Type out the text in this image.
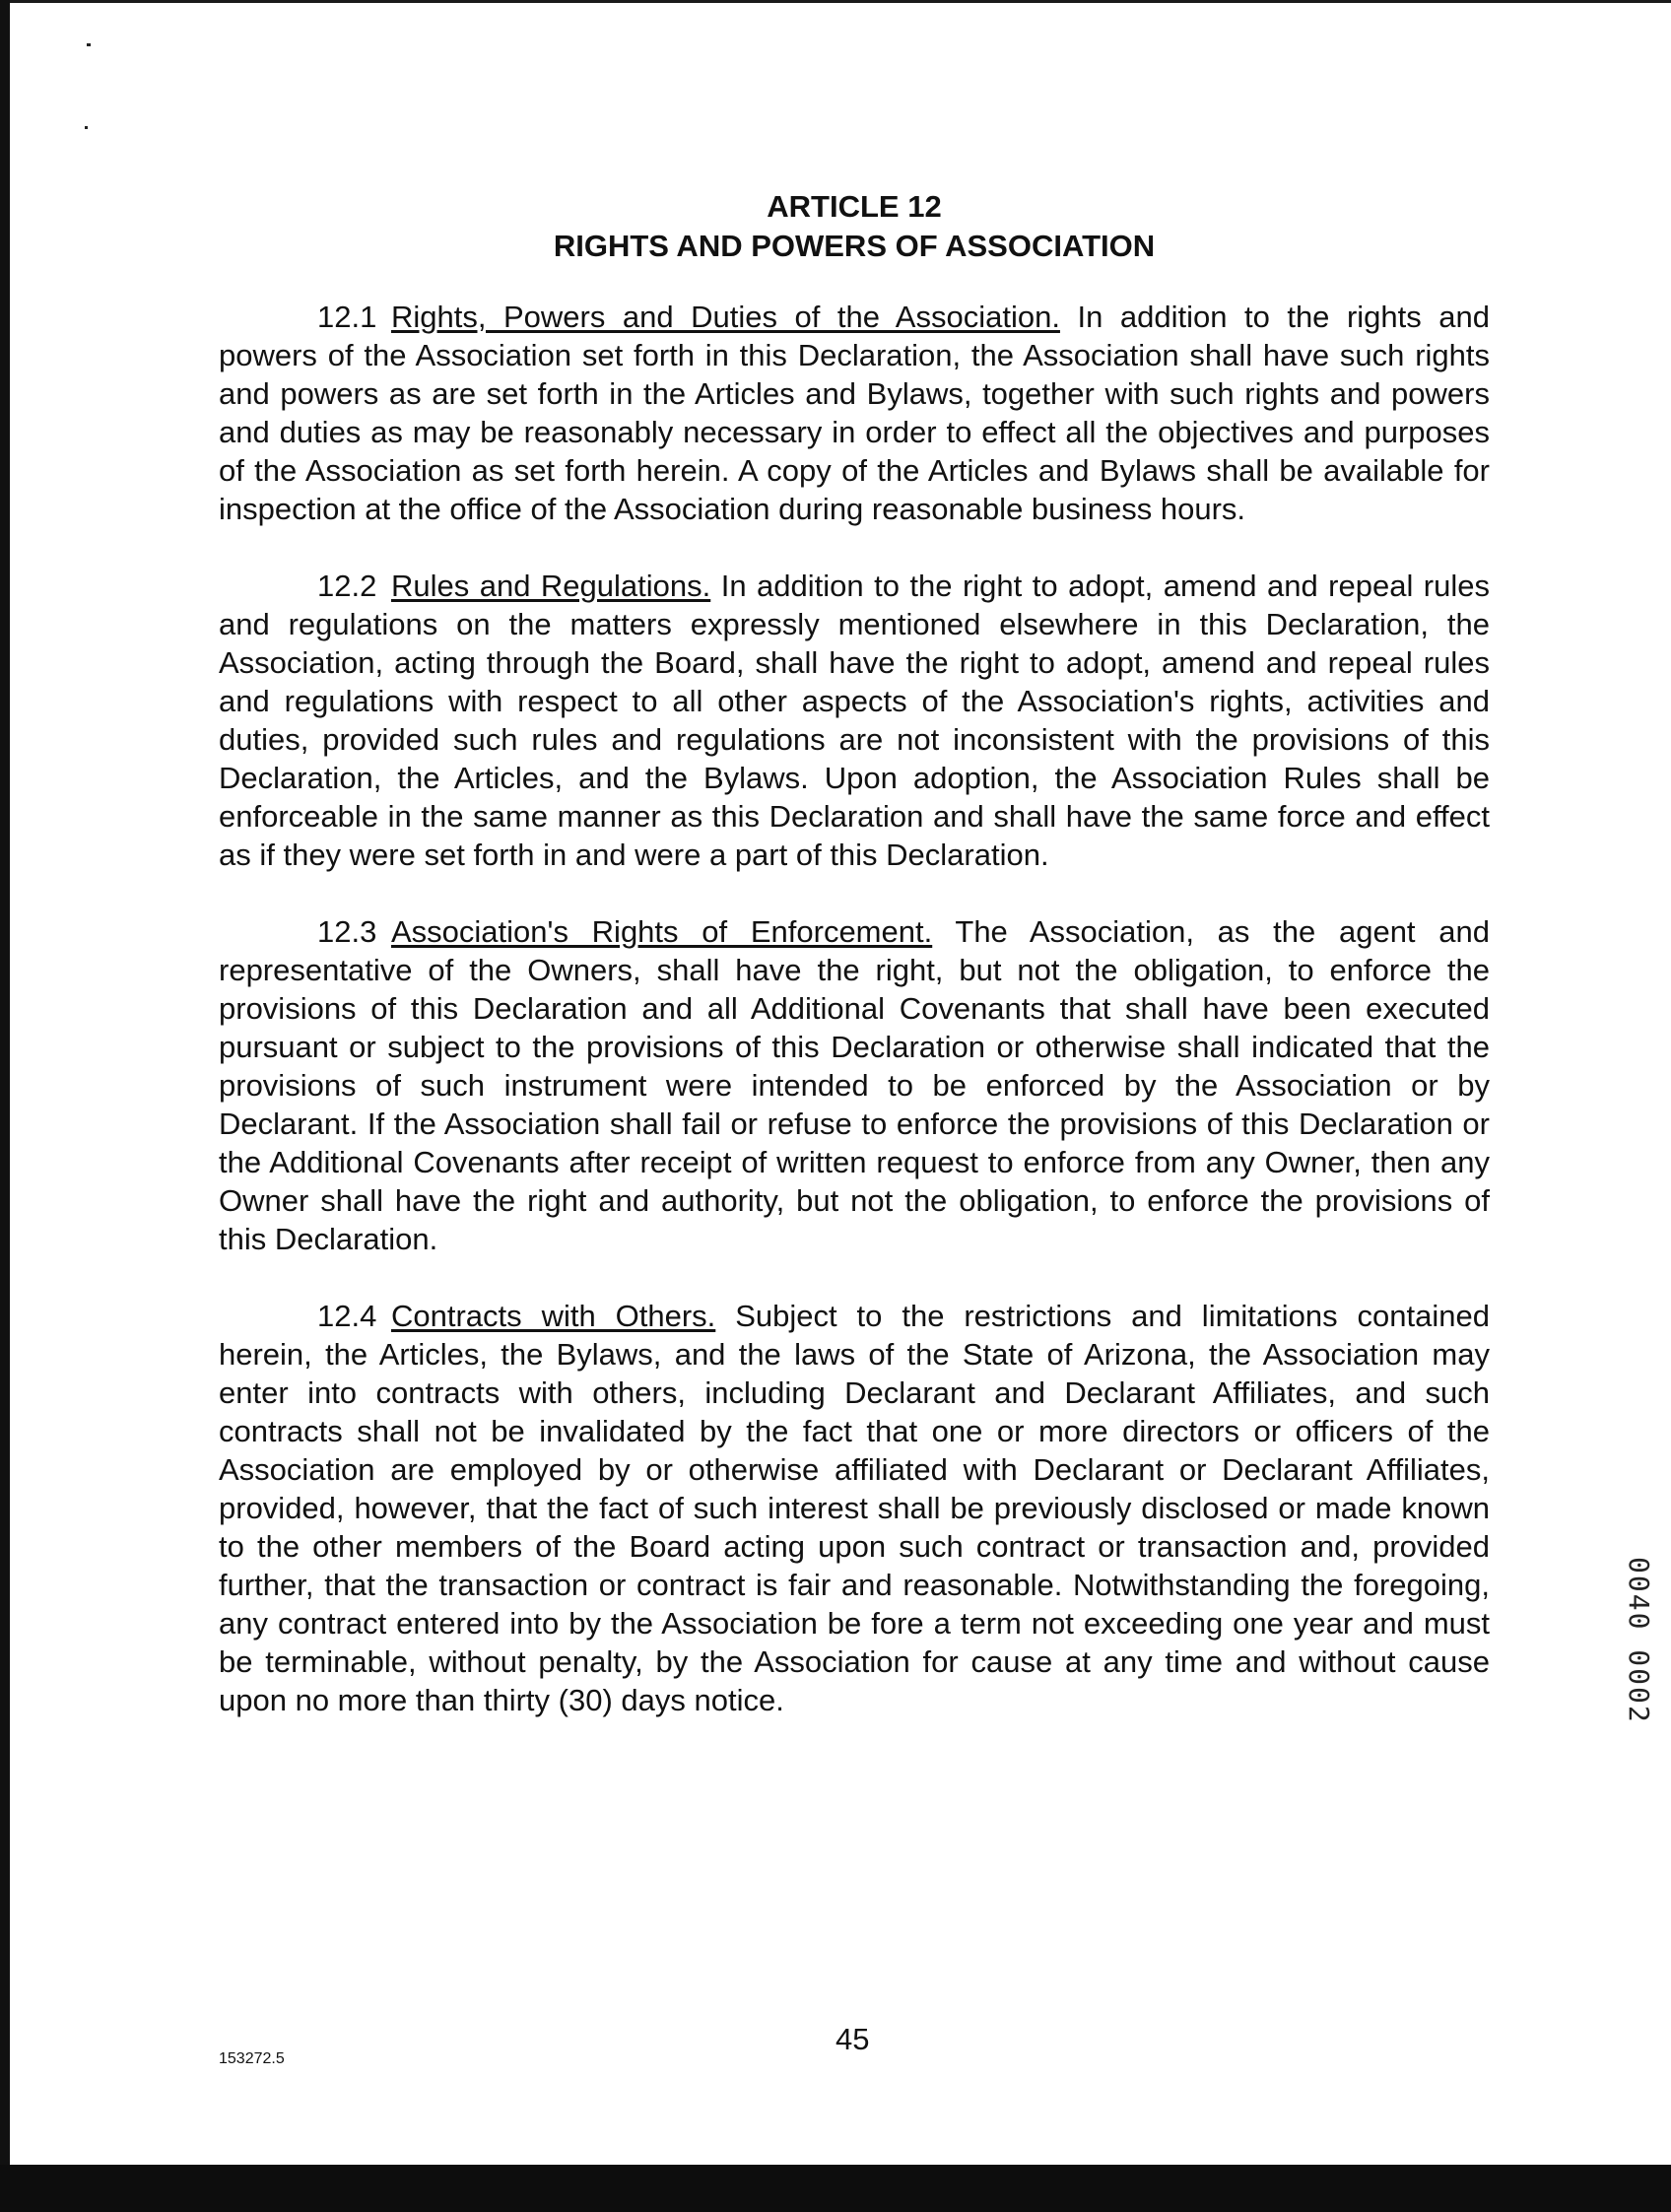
ARTICLE 12
RIGHTS AND POWERS OF ASSOCIATION

12.1 Rights, Powers and Duties of the Association. In addition to the rights and powers of the Association set forth in this Declaration, the Association shall have such rights and powers as are set forth in the Articles and Bylaws, together with such rights and powers and duties as may be reasonably necessary in order to effect all the objectives and purposes of the Association as set forth herein. A copy of the Articles and Bylaws shall be available for inspection at the office of the Association during reasonable business hours.

12.2 Rules and Regulations. In addition to the right to adopt, amend and repeal rules and regulations on the matters expressly mentioned elsewhere in this Declaration, the Association, acting through the Board, shall have the right to adopt, amend and repeal rules and regulations with respect to all other aspects of the Association's rights, activities and duties, provided such rules and regulations are not inconsistent with the provisions of this Declaration, the Articles, and the Bylaws. Upon adoption, the Association Rules shall be enforceable in the same manner as this Declaration and shall have the same force and effect as if they were set forth in and were a part of this Declaration.

12.3 Association's Rights of Enforcement. The Association, as the agent and representative of the Owners, shall have the right, but not the obligation, to enforce the provisions of this Declaration and all Additional Covenants that shall have been executed pursuant or subject to the provisions of this Declaration or otherwise shall indicated that the provisions of such instrument were intended to be enforced by the Association or by Declarant. If the Association shall fail or refuse to enforce the provisions of this Declaration or the Additional Covenants after receipt of written request to enforce from any Owner, then any Owner shall have the right and authority, but not the obligation, to enforce the provisions of this Declaration.

12.4 Contracts with Others. Subject to the restrictions and limitations contained herein, the Articles, the Bylaws, and the laws of the State of Arizona, the Association may enter into contracts with others, including Declarant and Declarant Affiliates, and such contracts shall not be invalidated by the fact that one or more directors or officers of the Association are employed by or otherwise affiliated with Declarant or Declarant Affiliates, provided, however, that the fact of such interest shall be previously disclosed or made known to the other members of the Board acting upon such contract or transaction and, provided further, that the transaction or contract is fair and reasonable. Notwithstanding the foregoing, any contract entered into by the Association be fore a term not exceeding one year and must be terminable, without penalty, by the Association for cause at any time and without cause upon no more than thirty (30) days notice.

45
153272.5
0040 0002
